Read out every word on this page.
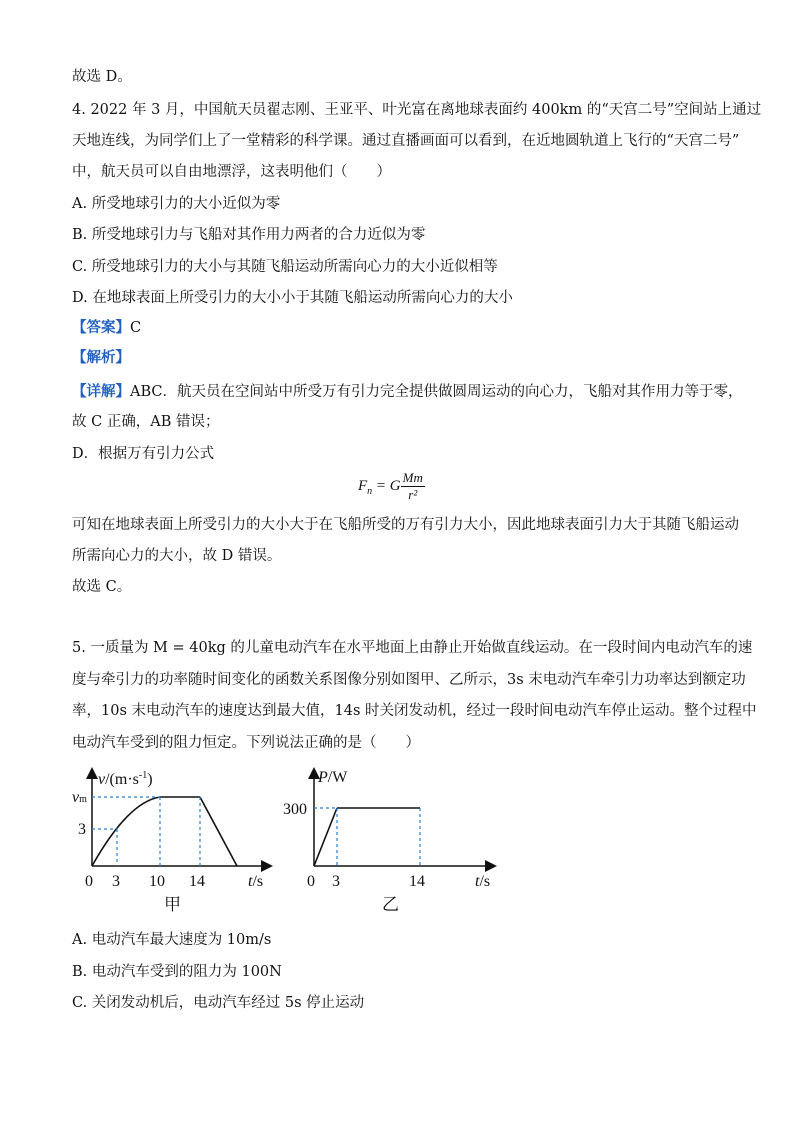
故选 D。
4. 2022 年 3 月，中国航天员翟志刚、王亚平、叶光富在离地球表面约 400km 的“天宫二号”空间站上通过
天地连线，为同学们上了一堂精彩的科学课。通过直播画面可以看到，在近地圆轨道上飞行的“天宫二号”
中，航天员可以自由地漂浮，这表明他们（　　）
A. 所受地球引力的大小近似为零
B. 所受地球引力与飞船对其作用力两者的合力近似为零
C. 所受地球引力的大小与其随飞船运动所需向心力的大小近似相等
D. 在地球表面上所受引力的大小小于其随飞船运动所需向心力的大小
【答案】C
【解析】
【详解】ABC．航天员在空间站中所受万有引力完全提供做圆周运动的向心力，飞船对其作用力等于零，
故 C 正确，AB 错误；
D．根据万有引力公式
$F_n = G \frac{Mm}{\text{r²}}$
可知在地球表面上所受引力的大小大于在飞船所受的万有引力大小，因此地球表面引力大于其随飞船运动
所需向心力的大小，故 D 错误。
故选 C。
5. 一质量为 M = 40kg 的儿童电动汽车在水平地面上由静止开始做直线运动。在一段时间内电动汽车的速
度与牵引力的功率随时间变化的函数关系图像分别如图甲、乙所示，3s 末电动汽车牵引力功率达到额定功
率，10s 末电动汽车的速度达到最大值，14s 时关闭发动机，经过一段时间电动汽车停止运动。整个过程中
电动汽车受到的阻力恒定。下列说法正确的是（　　）
$v/(m\cdot s^{-1})$
vm
3
0 3 10 14	t/s
甲
P/W
300
0 3	14	t/s
乙
A. 电动汽车最大速度为 10m/s
B. 电动汽车受到的阻力为 100N
C. 关闭发动机后，电动汽车经过 5s 停止运动
